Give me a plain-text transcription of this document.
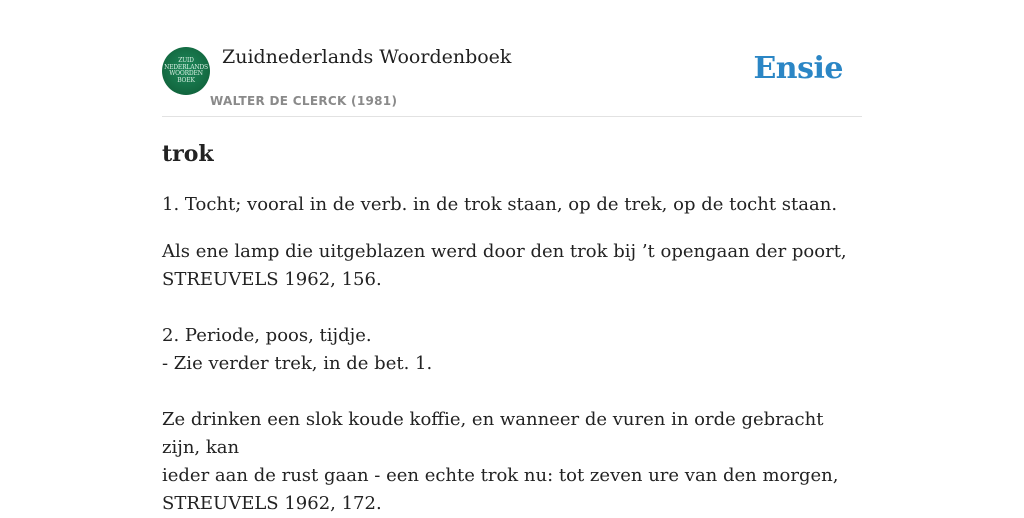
ZUID
NEDERLANDS
WOORDEN
BOEK
Zuidnederlands Woordenboek
WALTER DE CLERCK (1981)
Ensie
trok

1. Tocht; vooral in de verb. in de trok staan, op de trek, op de tocht staan.

Als ene lamp die uitgeblazen werd door den trok bij ’t opengaan der poort,
STREUVELS 1962, 156.

2. Periode, poos, tijdje.
- Zie verder trek, in de bet. 1.

Ze drinken een slok koude koffie, en wanneer de vuren in orde gebracht zijn, kan
ieder aan de rust gaan - een echte trok nu: tot zeven ure van den morgen,
STREUVELS 1962, 172.
